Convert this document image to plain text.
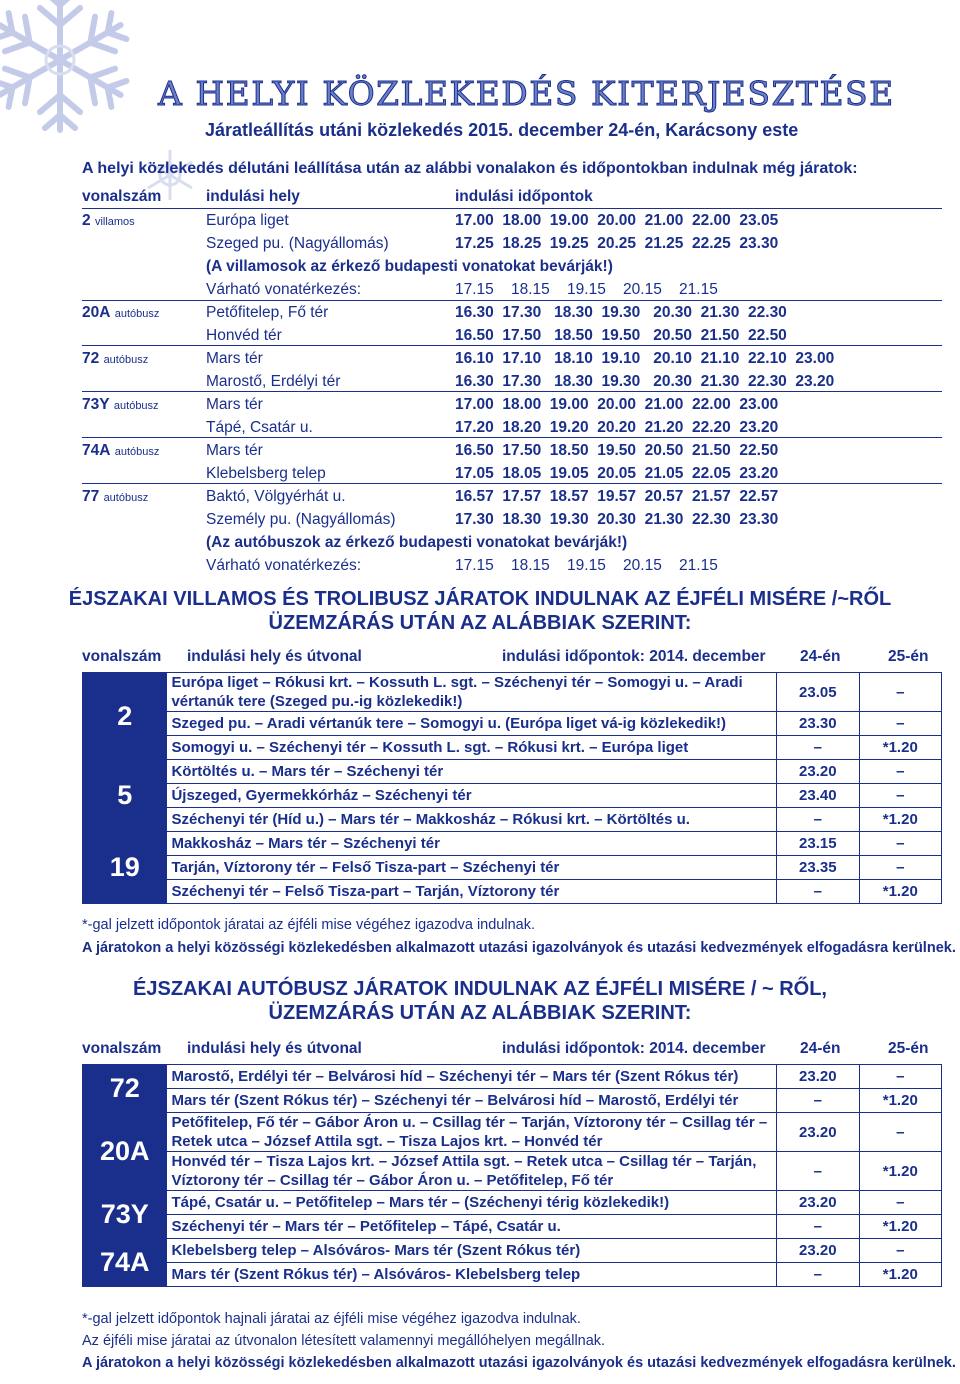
A HELYI KÖZLEKEDÉS KITERJESZTÉSE
Járatleállítás utáni közlekedés 2015. december 24-én, Karácsony este
A helyi közlekedés délutáni leállítása után az alábbi vonalakon és időpontokban indulnak még járatok:
vonalszám	indulási hely	indulási időpontok
2 villamos	Európa liget	17.00  18.00  19.00  20.00  21.00  22.00  23.05
Szeged pu. (Nagyállomás)	17.25  18.25  19.25  20.25  21.25  22.25  23.30
(A villamosok az érkező budapesti vonatokat bevárják!)
Várható vonatérkezés:	17.15    18.15    19.15    20.15    21.15
20A autóbusz	Petőfitelep, Fő tér	16.30  17.30   18.30  19.30   20.30  21.30  22.30
Honvéd tér	16.50  17.50   18.50  19.50   20.50  21.50  22.50
72 autóbusz	Mars tér	16.10  17.10   18.10  19.10   20.10  21.10  22.10  23.00
Marostő, Erdélyi tér	16.30  17.30   18.30  19.30   20.30  21.30  22.30  23.20
73Y autóbusz	Mars tér	17.00  18.00  19.00  20.00  21.00  22.00  23.00
Tápé, Csatár u.	17.20  18.20  19.20  20.20  21.20  22.20  23.20
74A autóbusz	Mars tér	16.50  17.50  18.50  19.50  20.50  21.50  22.50
Klebelsberg telep	17.05  18.05  19.05  20.05  21.05  22.05  23.20
77 autóbusz	Baktó, Völgyérhát u.	16.57  17.57  18.57  19.57  20.57  21.57  22.57
Személy pu. (Nagyállomás)	17.30  18.30  19.30  20.30  21.30  22.30  23.30
(Az autóbuszok az érkező budapesti vonatokat bevárják!)
Várható vonatérkezés:	17.15    18.15    19.15    20.15    21.15
ÉJSZAKAI VILLAMOS ÉS TROLIBUSZ JÁRATOK INDULNAK AZ ÉJFÉLI MISÉRE /~RŐL
ÜZEMZÁRÁS UTÁN AZ ALÁBBIAK SZERINT:
vonalszám indulási hely és útvonal	indulási időpontok: 2014. december 24-én	25-én
2	Európa liget – Rókusi krt. – Kossuth L. sgt. – Széchenyi tér – Somogyi u. – Aradi vértanúk tere (Szeged pu.-ig közlekedik!)	23.05	–
	Szeged pu. – Aradi vértanúk tere – Somogyi u. (Európa liget vá-ig közlekedik!)	23.30	–
	Somogyi u. – Széchenyi tér – Kossuth L. sgt. – Rókusi krt. – Európa liget	–	*1.20
5	Körtöltés u. – Mars tér – Széchenyi tér	23.20	–
	Újszeged, Gyermekkórház – Széchenyi tér	23.40	–
	Széchenyi tér (Híd u.) – Mars tér – Makkosház – Rókusi krt. – Körtöltés u.	–	*1.20
19	Makkosház – Mars tér – Széchenyi tér	23.15	–
	Tarján, Víztorony tér – Felső Tisza-part – Széchenyi tér	23.35	–
	Széchenyi tér – Felső Tisza-part – Tarján, Víztorony tér	–	*1.20
*-gal jelzett időpontok járatai az éjféli mise végéhez igazodva indulnak.
A járatokon a helyi közösségi közlekedésben alkalmazott utazási igazolványok és utazási kedvezmények elfogadásra kerülnek.
ÉJSZAKAI AUTÓBUSZ JÁRATOK INDULNAK AZ ÉJFÉLI MISÉRE / ~ RŐL,
ÜZEMZÁRÁS UTÁN AZ ALÁBBIAK SZERINT:
vonalszám indulási hely és útvonal	indulási időpontok: 2014. december 24-én	25-én
72	Marostő, Erdélyi tér – Belvárosi híd – Széchenyi tér – Mars tér (Szent Rókus tér)	23.20	–
	Mars tér (Szent Rókus tér) – Széchenyi tér – Belvárosi híd – Marostő, Erdélyi tér	–	*1.20
20A	Petőfitelep, Fő tér – Gábor Áron u. – Csillag tér – Tarján, Víztorony tér – Csillag tér – Retek utca – József Attila sgt. – Tisza Lajos krt. – Honvéd tér	23.20	–
	Honvéd tér – Tisza Lajos krt. – József Attila sgt. – Retek utca – Csillag tér – Tarján, Víztorony tér – Csillag tér – Gábor Áron u. – Petőfitelep, Fő tér	–	*1.20
73Y	Tápé, Csatár u. – Petőfitelep – Mars tér – (Széchenyi térig közlekedik!)	23.20	–
	Széchenyi tér – Mars tér – Petőfitelep – Tápé, Csatár u.	–	*1.20
74A	Klebelsberg telep – Alsóváros- Mars tér (Szent Rókus tér)	23.20	–
	Mars tér (Szent Rókus tér) – Alsóváros- Klebelsberg telep	–	*1.20
*-gal jelzett időpontok hajnali járatai az éjféli mise végéhez igazodva indulnak.
Az éjféli mise járatai az útvonalon létesített valamennyi megállóhelyen megállnak.
A járatokon a helyi közösségi közlekedésben alkalmazott utazási igazolványok és utazási kedvezmények elfogadásra kerülnek.
